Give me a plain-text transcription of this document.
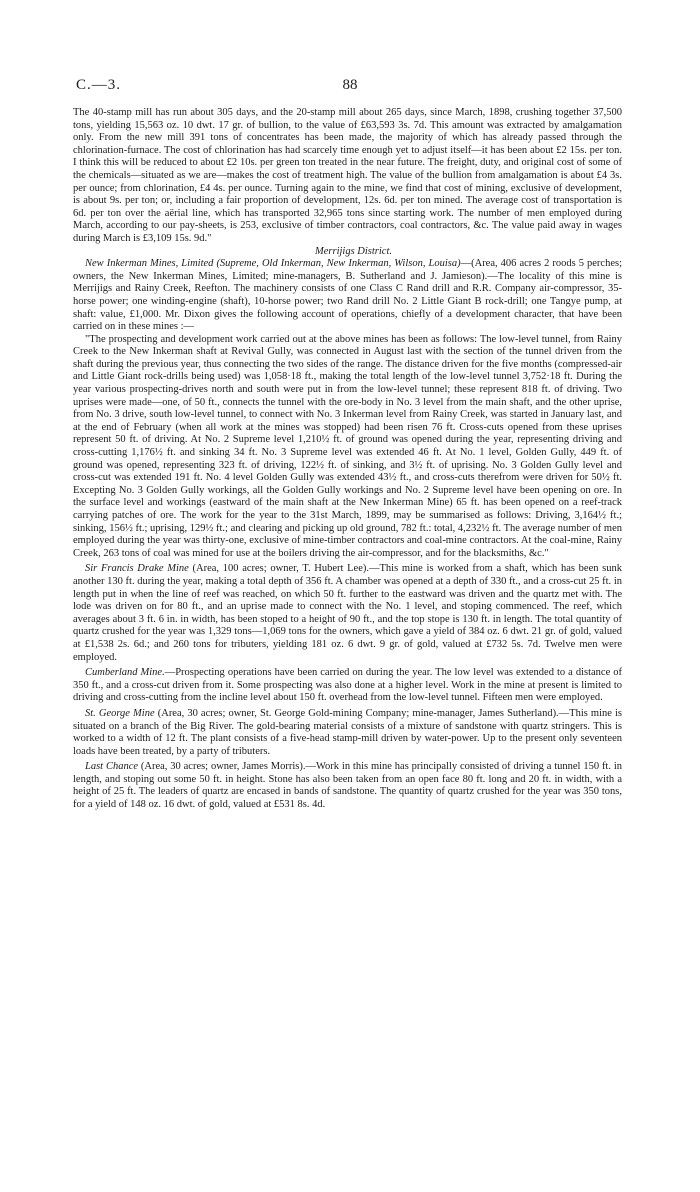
C.—3.	88

The 40-stamp mill has run about 305 days, and the 20-stamp mill about 265 days, since March, 1898, crushing together 37,500 tons, yielding 15,563 oz. 10 dwt. 17 gr. of bullion, to the value of £63,593 3s. 7d. This amount was extracted by amalgamation only. From the new mill 391 tons of concentrates has been made, the majority of which has already passed through the chlorination-furnace. The cost of chlorination has had scarcely time enough yet to adjust itself—it has been about £2 15s. per ton. I think this will be reduced to about £2 10s. per green ton treated in the near future. The freight, duty, and original cost of some of the chemicals—situated as we are—makes the cost of treatment high. The value of the bullion from amalgamation is about £4 3s. per ounce; from chlorination, £4 4s. per ounce. Turning again to the mine, we find that cost of mining, exclusive of development, is about 9s. per ton; or, including a fair proportion of development, 12s. 6d. per ton mined. The average cost of transportation is 6d. per ton over the aërial line, which has transported 32,965 tons since starting work. The number of men employed during March, according to our pay-sheets, is 253, exclusive of timber contractors, coal contractors, &c. The value paid away in wages during March is £3,109 15s. 9d."

Merrijigs District.

New Inkerman Mines, Limited (Supreme, Old Inkerman, New Inkerman, Wilson, Louisa)—(Area, 406 acres 2 roods 5 perches; owners, the New Inkerman Mines, Limited; mine-managers, B. Sutherland and J. Jamieson).—The locality of this mine is Merrijigs and Rainy Creek, Reefton. The machinery consists of one Class C Rand drill and R.R. Company air-compressor, 35-horse power; one winding-engine (shaft), 10-horse power; two Rand drill No. 2 Little Giant B rock-drill; one Tangye pump, at shaft: value, £1,000. Mr. Dixon gives the following account of operations, chiefly of a development character, that have been carried on in these mines :—

"The prospecting and development work carried out at the above mines has been as follows: The low-level tunnel, from Rainy Creek to the New Inkerman shaft at Revival Gully, was connected in August last with the section of the tunnel driven from the shaft during the previous year, thus connecting the two sides of the range. The distance driven for the five months (compressed-air and Little Giant rock-drills being used) was 1,058·18 ft., making the total length of the low-level tunnel 3,752·18 ft. During the year various prospecting-drives north and south were put in from the low-level tunnel; these represent 818 ft. of driving. Two uprises were made—one, of 50 ft., connects the tunnel with the ore-body in No. 3 level from the main shaft, and the other uprise, from No. 3 drive, south low-level tunnel, to connect with No. 3 Inkerman level from Rainy Creek, was started in January last, and at the end of February (when all work at the mines was stopped) had been risen 76 ft. Cross-cuts opened from these uprises represent 50 ft. of driving. At No. 2 Supreme level 1,210½ ft. of ground was opened during the year, representing driving and cross-cutting 1,176½ ft. and sinking 34 ft. No. 3 Supreme level was extended 46 ft. At No. 1 level, Golden Gully, 449 ft. of ground was opened, representing 323 ft. of driving, 122½ ft. of sinking, and 3½ ft. of uprising. No. 3 Golden Gully level and cross-cut was extended 191 ft. No. 4 level Golden Gully was extended 43½ ft., and cross-cuts therefrom were driven for 50½ ft. Excepting No. 3 Golden Gully workings, all the Golden Gully workings and No. 2 Supreme level have been opening on ore. In the surface level and workings (eastward of the main shaft at the New Inkerman Mine) 65 ft. has been opened on a reef-track carrying patches of ore. The work for the year to the 31st March, 1899, may be summarised as follows: Driving, 3,164½ ft.; sinking, 156½ ft.; uprising, 129½ ft.; and clearing and picking up old ground, 782 ft.: total, 4,232½ ft. The average number of men employed during the year was thirty-one, exclusive of mine-timber contractors and coal-mine contractors. At the coal-mine, Rainy Creek, 263 tons of coal was mined for use at the boilers driving the air-compressor, and for the blacksmiths, &c."

Sir Francis Drake Mine (Area, 100 acres; owner, T. Hubert Lee).—This mine is worked from a shaft, which has been sunk another 130 ft. during the year, making a total depth of 356 ft. A chamber was opened at a depth of 330 ft., and a cross-cut 25 ft. in length put in when the line of reef was reached, on which 50 ft. further to the eastward was driven and the quartz met with. The lode was driven on for 80 ft., and an uprise made to connect with the No. 1 level, and stoping commenced. The reef, which averages about 3 ft. 6 in. in width, has been stoped to a height of 90 ft., and the top stope is 130 ft. in length. The total quantity of quartz crushed for the year was 1,329 tons—1,069 tons for the owners, which gave a yield of 384 oz. 6 dwt. 21 gr. of gold, valued at £1,538 2s. 6d.; and 260 tons for tributers, yielding 181 oz. 6 dwt. 9 gr. of gold, valued at £732 5s. 7d. Twelve men were employed.

Cumberland Mine.—Prospecting operations have been carried on during the year. The low level was extended to a distance of 350 ft., and a cross-cut driven from it. Some prospecting was also done at a higher level. Work in the mine at present is limited to driving and cross-cutting from the incline level about 150 ft. overhead from the low-level tunnel. Fifteen men were employed.

St. George Mine (Area, 30 acres; owner, St. George Gold-mining Company; mine-manager, James Sutherland).—This mine is situated on a branch of the Big River. The gold-bearing material consists of a mixture of sandstone with quartz stringers. This is worked to a width of 12 ft. The plant consists of a five-head stamp-mill driven by water-power. Up to the present only seventeen loads have been treated, by a party of tributers.

Last Chance (Area, 30 acres; owner, James Morris).—Work in this mine has principally consisted of driving a tunnel 150 ft. in length, and stoping out some 50 ft. in height. Stone has also been taken from an open face 80 ft. long and 20 ft. in width, with a height of 25 ft. The leaders of quartz are encased in bands of sandstone. The quantity of quartz crushed for the year was 350 tons, for a yield of 148 oz. 16 dwt. of gold, valued at £531 8s. 4d.
